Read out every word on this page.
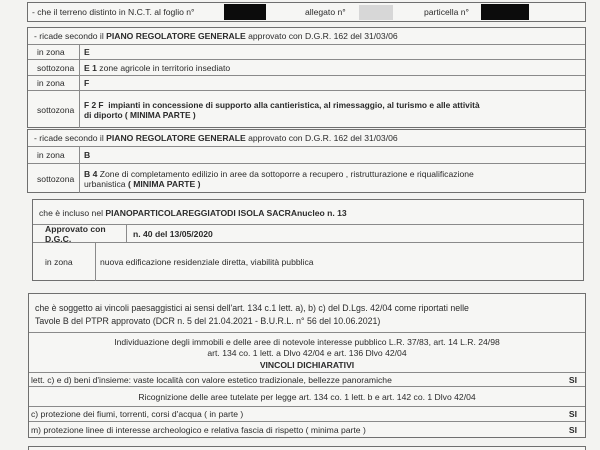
- che il terreno distinto in N.C.T. al foglio n°	allegato n°	particella n°
- ricade secondo il PIANO REGOLATORE GENERALE approvato con D.G.R. 162 del 31/03/06
in zona	E
sottozona	E 1
zone agricole in territorio insediato
in zona	F
sottozona	F 2 F impianti in concessione di supporto alla cantieristica, al rimessaggio, al turismo e alle attività
di diporto ( MINIMA PARTE )
- ricade secondo il PIANO REGOLATORE GENERALE approvato con D.G.R. 162 del 31/03/06
in zona	B
sottozona	B 4 Zone di completamento edilizio in aree da sottoporre a recupero , ristrutturazione e riqualificazione
urbanistica ( MINIMA PARTE )
che è incluso nel PIANOPARTICOLAREGGIATODI ISOLA SACRAnucleo n. 13
Approvato con D.G.C.	n. 40 del 13/05/2020
in zona	nuova edificazione residenziale diretta, viabilità pubblica
che è soggetto ai vincoli paesaggistici ai sensi dell'art. 134 c.1 lett. a), b) c) del D.Lgs. 42/04 come riportati nelle
Tavole B del PTPR approvato (DCR n. 5 del 21.04.2021 - B.U.R.L. n° 56 del 10.06.2021)
Individuazione degli immobili e delle aree di notevole interesse pubblico L.R. 37/83, art. 14 L.R. 24/98
art. 134 co. 1 lett. a Dlvo 42/04 e art. 136 Dlvo 42/04
VINCOLI DICHIARATIVI
lett. c) e d) beni d'insieme: vaste località con valore estetico tradizionale, bellezze panoramiche	SI
Ricognizione delle aree tutelate per legge art. 134 co. 1 lett. b e art. 142 co. 1 Dlvo 42/04
c) protezione dei fiumi, torrenti, corsi d'acqua ( in parte )	SI
m) protezione linee di interesse archeologico e relativa fascia di rispetto ( minima parte )	SI
